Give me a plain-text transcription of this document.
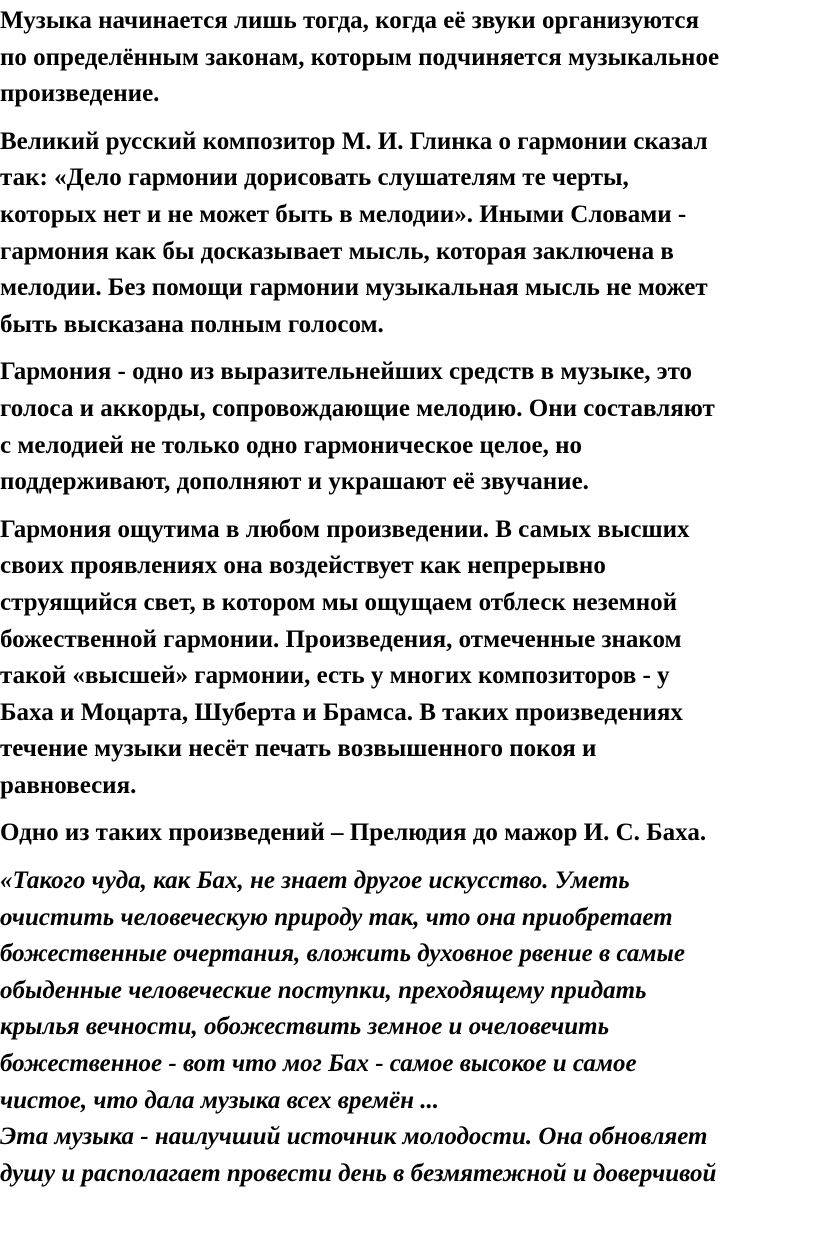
Музыка начинается лишь тогда, когда её звуки организуются
по определённым законам, которым подчиняется музыкальное
произведение.
Великий русский композитор М. И. Глинка о гармонии сказал
так: «Дело гармонии дорисовать слушателям те черты,
которых нет и не может быть в мелодии». Иными Словами -
гармония как бы досказывает мысль, которая заключена в
мелодии. Без помощи гармонии музыкальная мысль не может
быть высказана полным голосом.
Гармония - одно из выразительнейших средств в музыке, это
голоса и аккорды, сопровождающие мелодию. Они составляют
с мелодией не только одно гармоническое целое, но
поддерживают, дополняют и украшают её звучание.
Гармония ощутима в любом произведении. В самых высших
своих проявлениях она воздействует как непрерывно
струящийся свет, в котором мы ощущаем отблеск неземной
божественной гармонии. Произведения, отмеченные знаком
такой «высшей» гармонии, есть у многих композиторов - у
Баха и Моцарта, Шуберта и Брамса. В таких произведениях
течение музыки несёт печать возвышенного покоя и
равновесия.
Одно из таких произведений – Прелюдия до мажор И. С. Баха.
«Такого чуда, как Бах, не знает другое искусство. Уметь
очистить человеческую природу так, что она приобретает
божественные очертания, вложить духовное рвение в самые
обыденные человеческие поступки, преходящему придать
крылья вечности, обожествить земное и очеловечить
божественное - вот что мог Бах - самое высокое и самое
чистое, что дала музыка всех времён ...
Эта музыка - наилучший источник молодости. Она обновляет
душу и располагает провести день в безмятежной и доверчивой
